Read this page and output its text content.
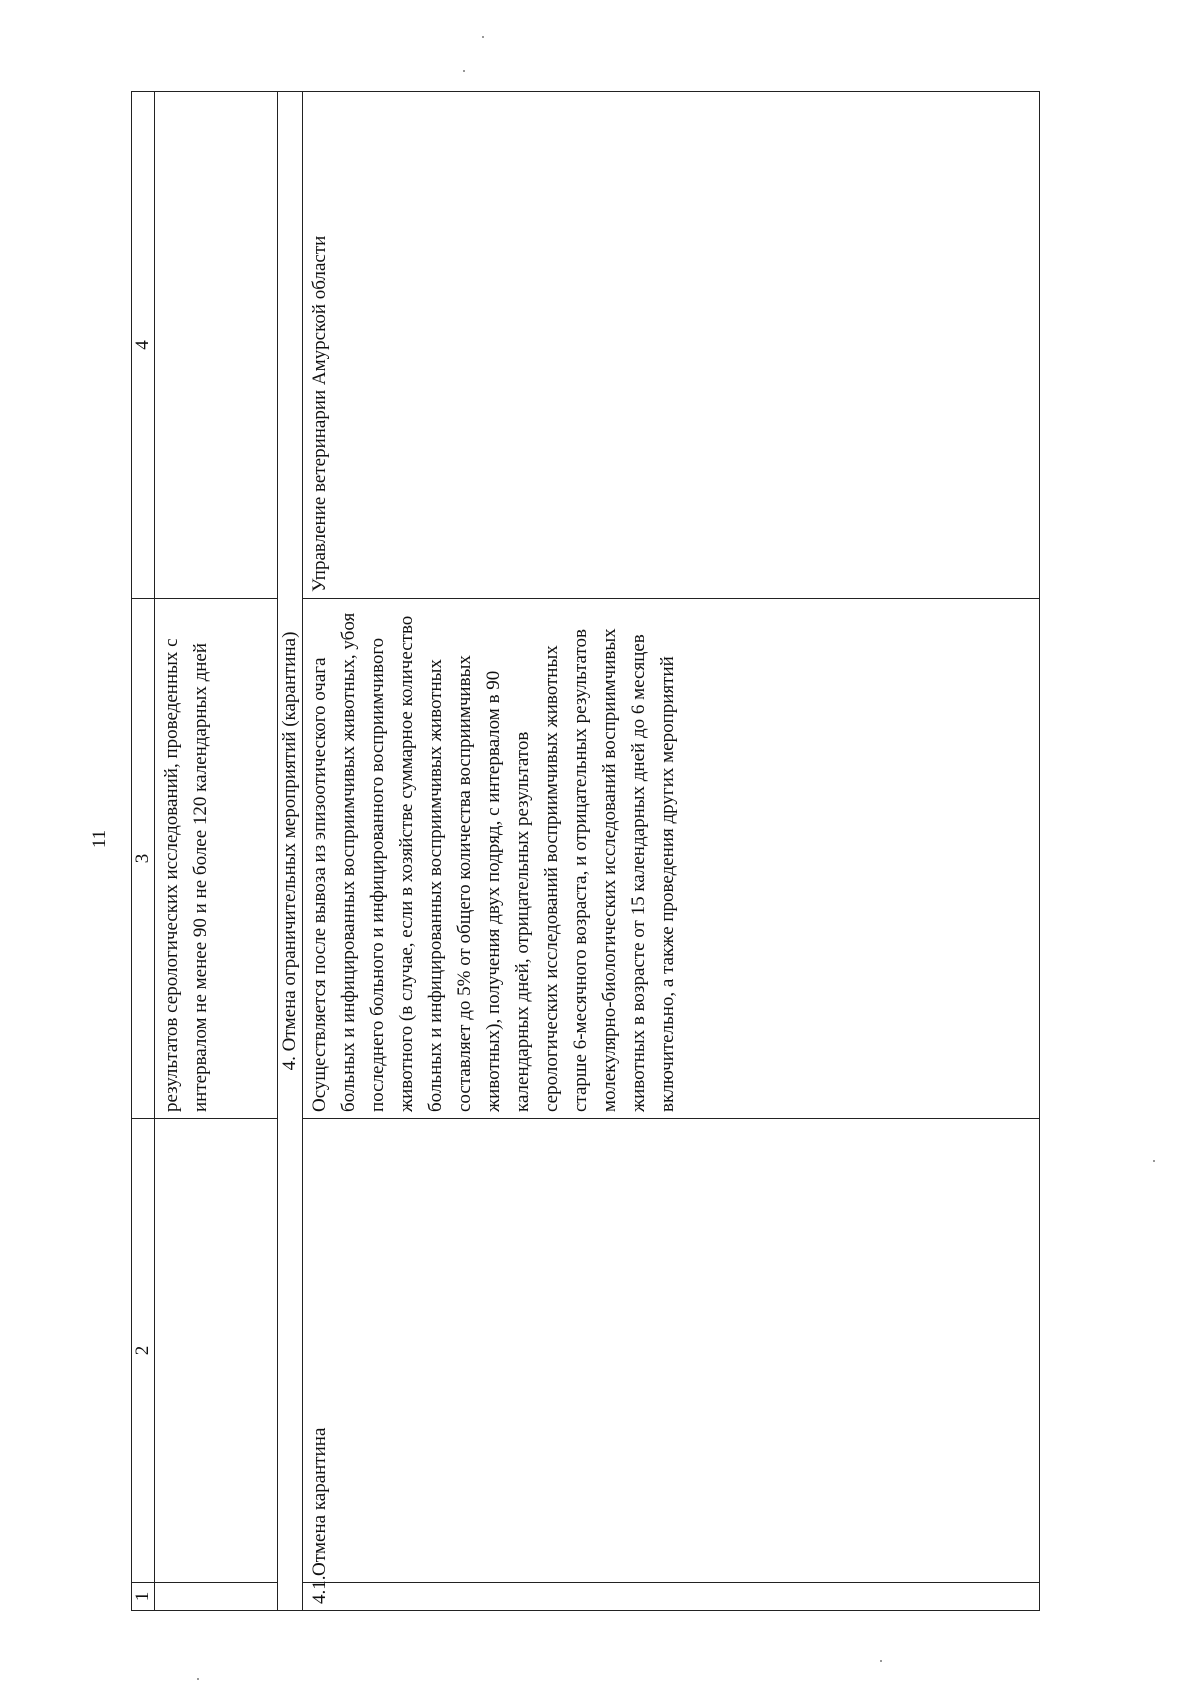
11
1	2	3	4
		результатов серологических исследований, проведенных с интервалом не менее 90 и не более 120 календарных дней	
4. Отмена ограничительных мероприятий (карантина)			
4.1.	Отмена карантина	Осуществляется после вывоза из эпизоотического очага больных и инфицированных восприимчивых животных, убоя последнего больного и инфицированного восприимчивого животного (в случае, если в хозяйстве суммарное количество больных и инфицированных восприимчивых животных составляет до 5% от общего количества восприимчивых животных), получения двух подряд, с интервалом в 90 календарных дней, отрицательных результатов серологических исследований восприимчивых животных старше 6-месячного возраста, и отрицательных результатов молекулярно-биологических исследований восприимчивых животных в возрасте от 15 календарных дней до 6 месяцев включительно, а также проведения других мероприятий	Управление ветеринарии Амурской области
